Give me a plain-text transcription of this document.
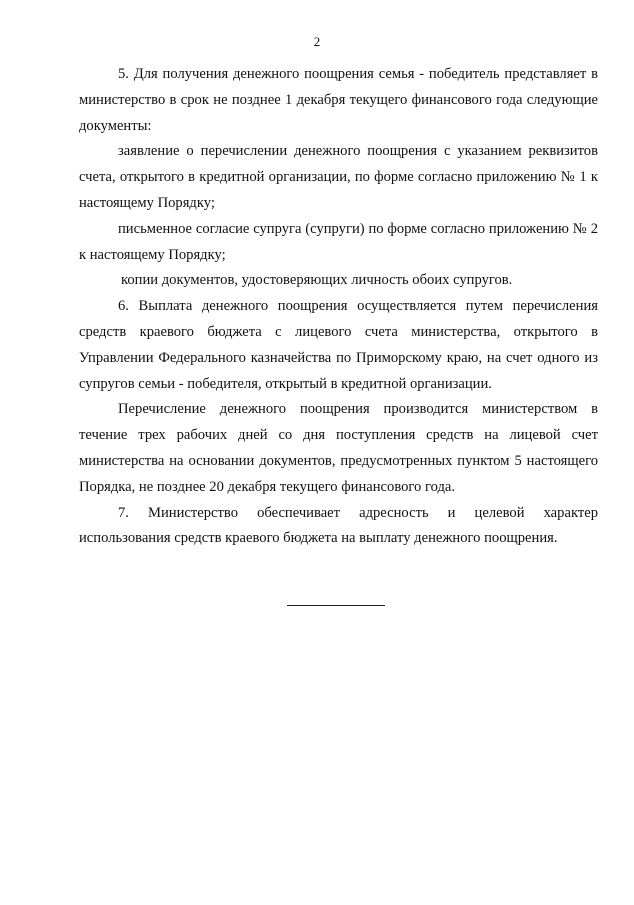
2

5. Для получения денежного поощрения семья - победитель представляет в министерство в срок не позднее 1 декабря текущего финансового года следующие документы:

заявление о перечислении денежного поощрения с указанием реквизитов счета, открытого в кредитной организации, по форме согласно приложению № 1 к настоящему Порядку;

письменное согласие супруга (супруги) по форме согласно приложению № 2 к настоящему Порядку;

копии документов, удостоверяющих личность обоих супругов.

6. Выплата денежного поощрения осуществляется путем перечисления средств краевого бюджета с лицевого счета министерства, открытого в Управлении Федерального казначейства по Приморскому краю, на счет одного из супругов семьи - победителя, открытый в кредитной организации.

Перечисление денежного поощрения производится министерством в течение трех рабочих дней со дня поступления средств на лицевой счет министерства на основании документов, предусмотренных пунктом 5 настоящего Порядка, не позднее 20 декабря текущего финансового года.

7. Министерство обеспечивает адресность и целевой характер использования средств краевого бюджета на выплату денежного поощрения.
